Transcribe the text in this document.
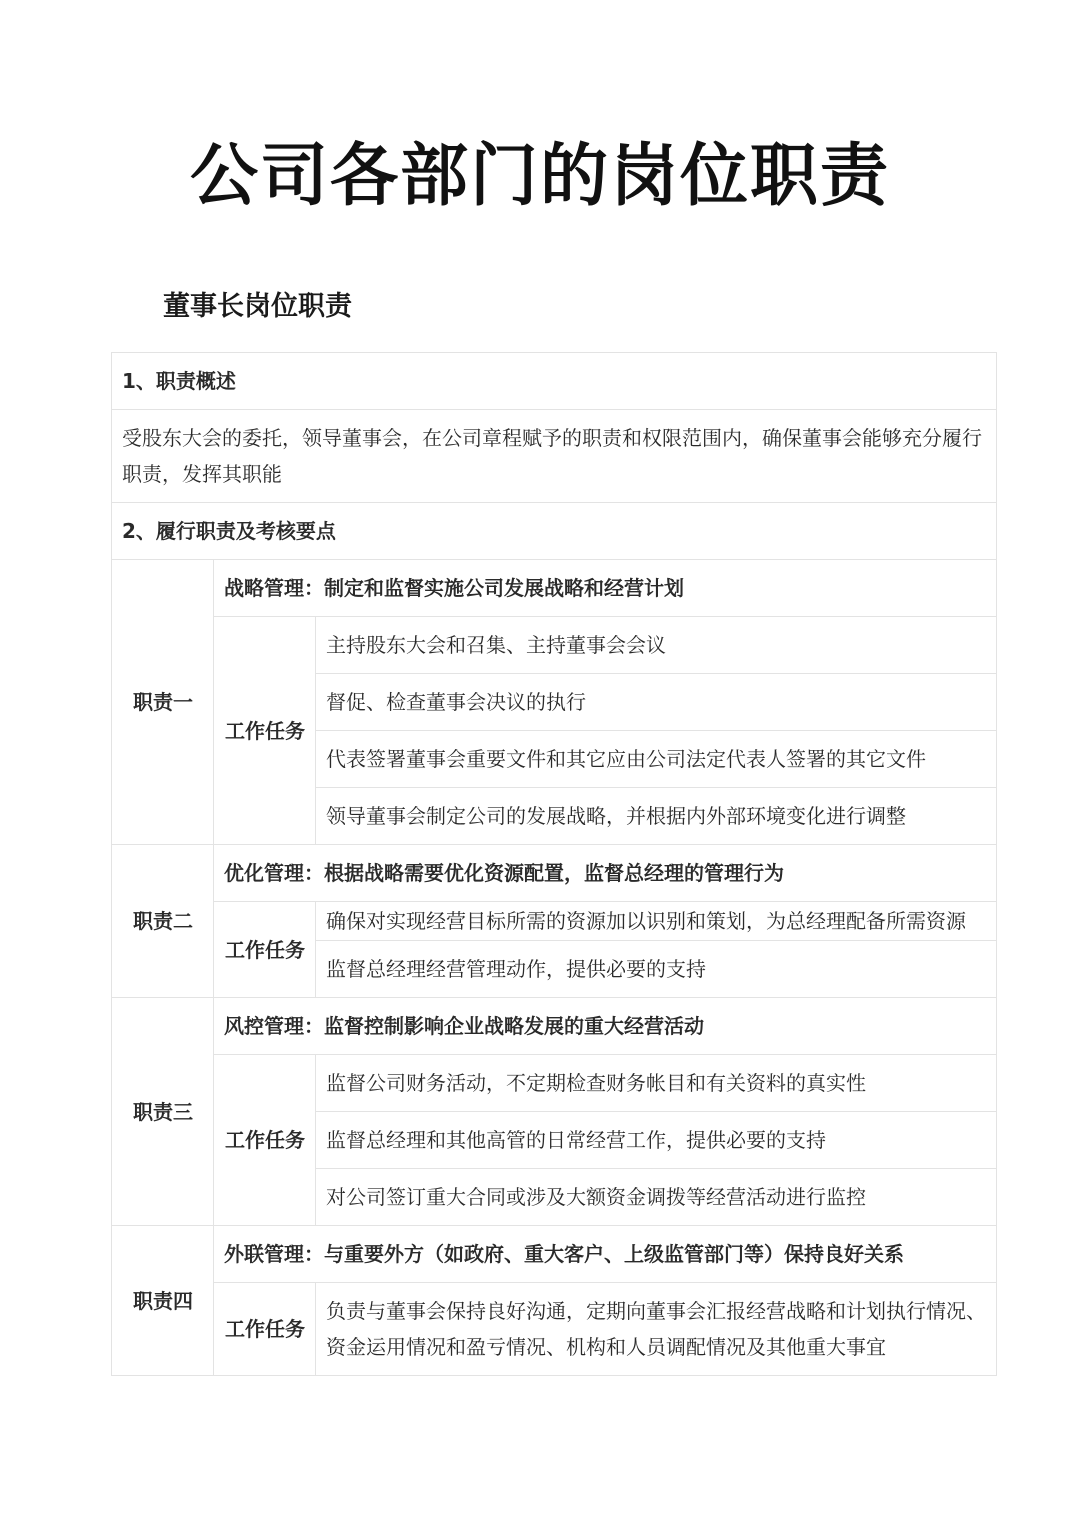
公司各部门的岗位职责
董事长岗位职责
1、职责概述		
受股东大会的委托，领导董事会，在公司章程赋予的职责和权限范围内，确保董事会能够充分履行职责，发挥其职能		
2、履行职责及考核要点		
职责一	战略管理：制定和监督实施公司发展战略和经营计划	
	工作任务	主持股东大会和召集、主持董事会会议
		督促、检查董事会决议的执行
		代表签署董事会重要文件和其它应由公司法定代表人签署的其它文件
		领导董事会制定公司的发展战略，并根据内外部环境变化进行调整
职责二	优化管理：根据战略需要优化资源配置，监督总经理的管理行为	
	工作任务	确保对实现经营目标所需的资源加以识别和策划，为总经理配备所需资源
		监督总经理经营管理动作，提供必要的支持
职责三	风控管理：监督控制影响企业战略发展的重大经营活动	
	工作任务	监督公司财务活动，不定期检查财务帐目和有关资料的真实性
		监督总经理和其他高管的日常经营工作，提供必要的支持
		对公司签订重大合同或涉及大额资金调拨等经营活动进行监控
职责四	外联管理：与重要外方（如政府、重大客户、上级监管部门等）保持良好关系	
	工作任务	负责与董事会保持良好沟通，定期向董事会汇报经营战略和计划执行情况、资金运用情况和盈亏情况、机构和人员调配情况及其他重大事宜
